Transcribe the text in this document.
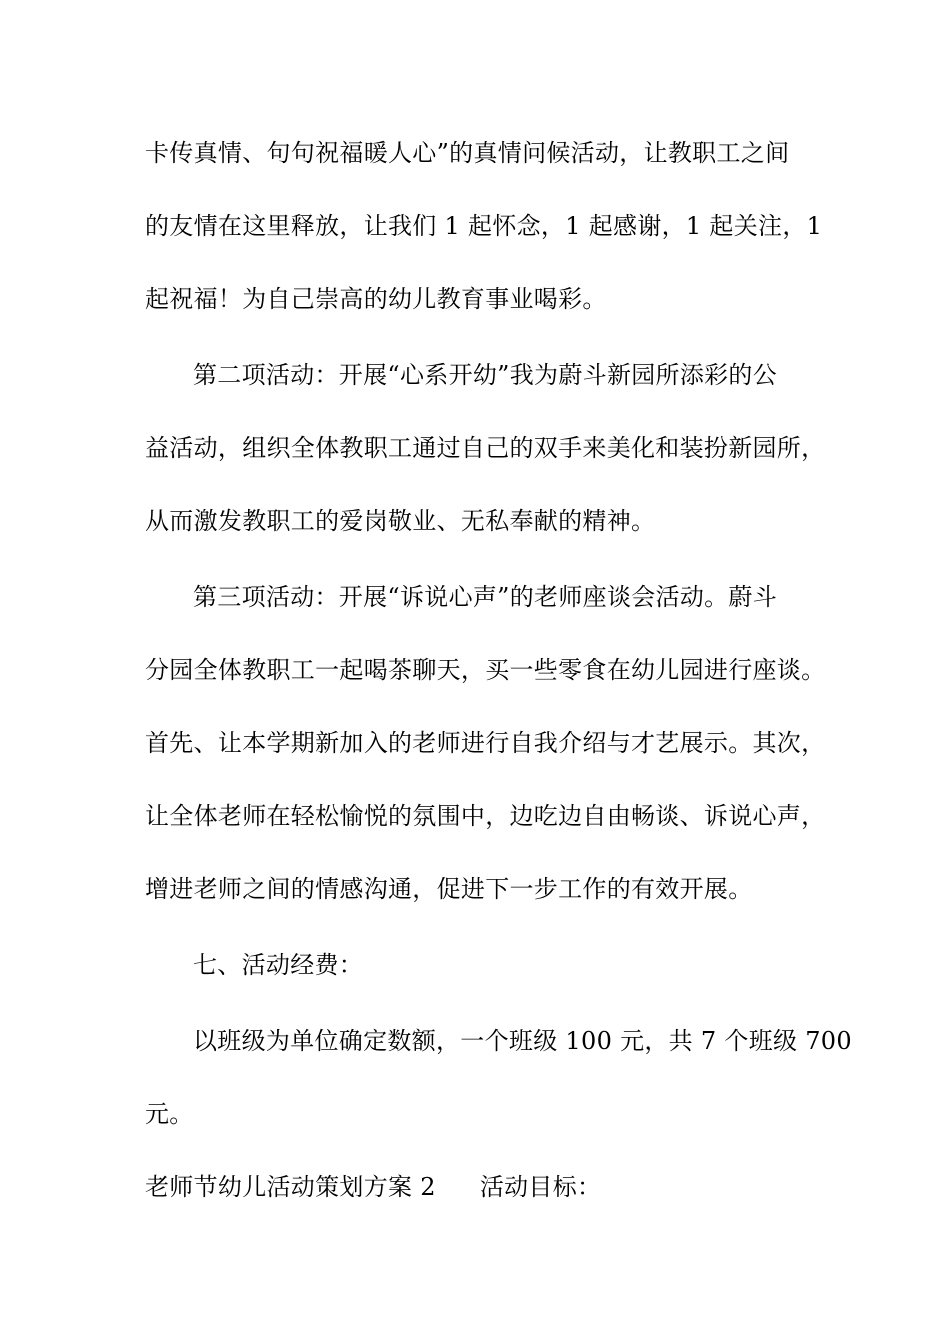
卡传真情、句句祝福暖人心”的真情问候活动，让教职工之间
的友情在这里释放，让我们 1 起怀念，1 起感谢，1 起关注，1
起祝福！为自己崇高的幼儿教育事业喝彩。
第二项活动：开展“心系开幼”我为蔚斗新园所添彩的公
益活动，组织全体教职工通过自己的双手来美化和装扮新园所，
从而激发教职工的爱岗敬业、无私奉献的精神。
第三项活动：开展“诉说心声”的老师座谈会活动。蔚斗
分园全体教职工一起喝茶聊天，买一些零食在幼儿园进行座谈。
首先、让本学期新加入的老师进行自我介绍与才艺展示。其次，
让全体老师在轻松愉悦的氛围中，边吃边自由畅谈、诉说心声，
增进老师之间的情感沟通，促进下一步工作的有效开展。
七、活动经费：
以班级为单位确定数额，一个班级 100 元，共 7 个班级 700
元。
老师节幼儿活动策划方案 2 活动目标：
